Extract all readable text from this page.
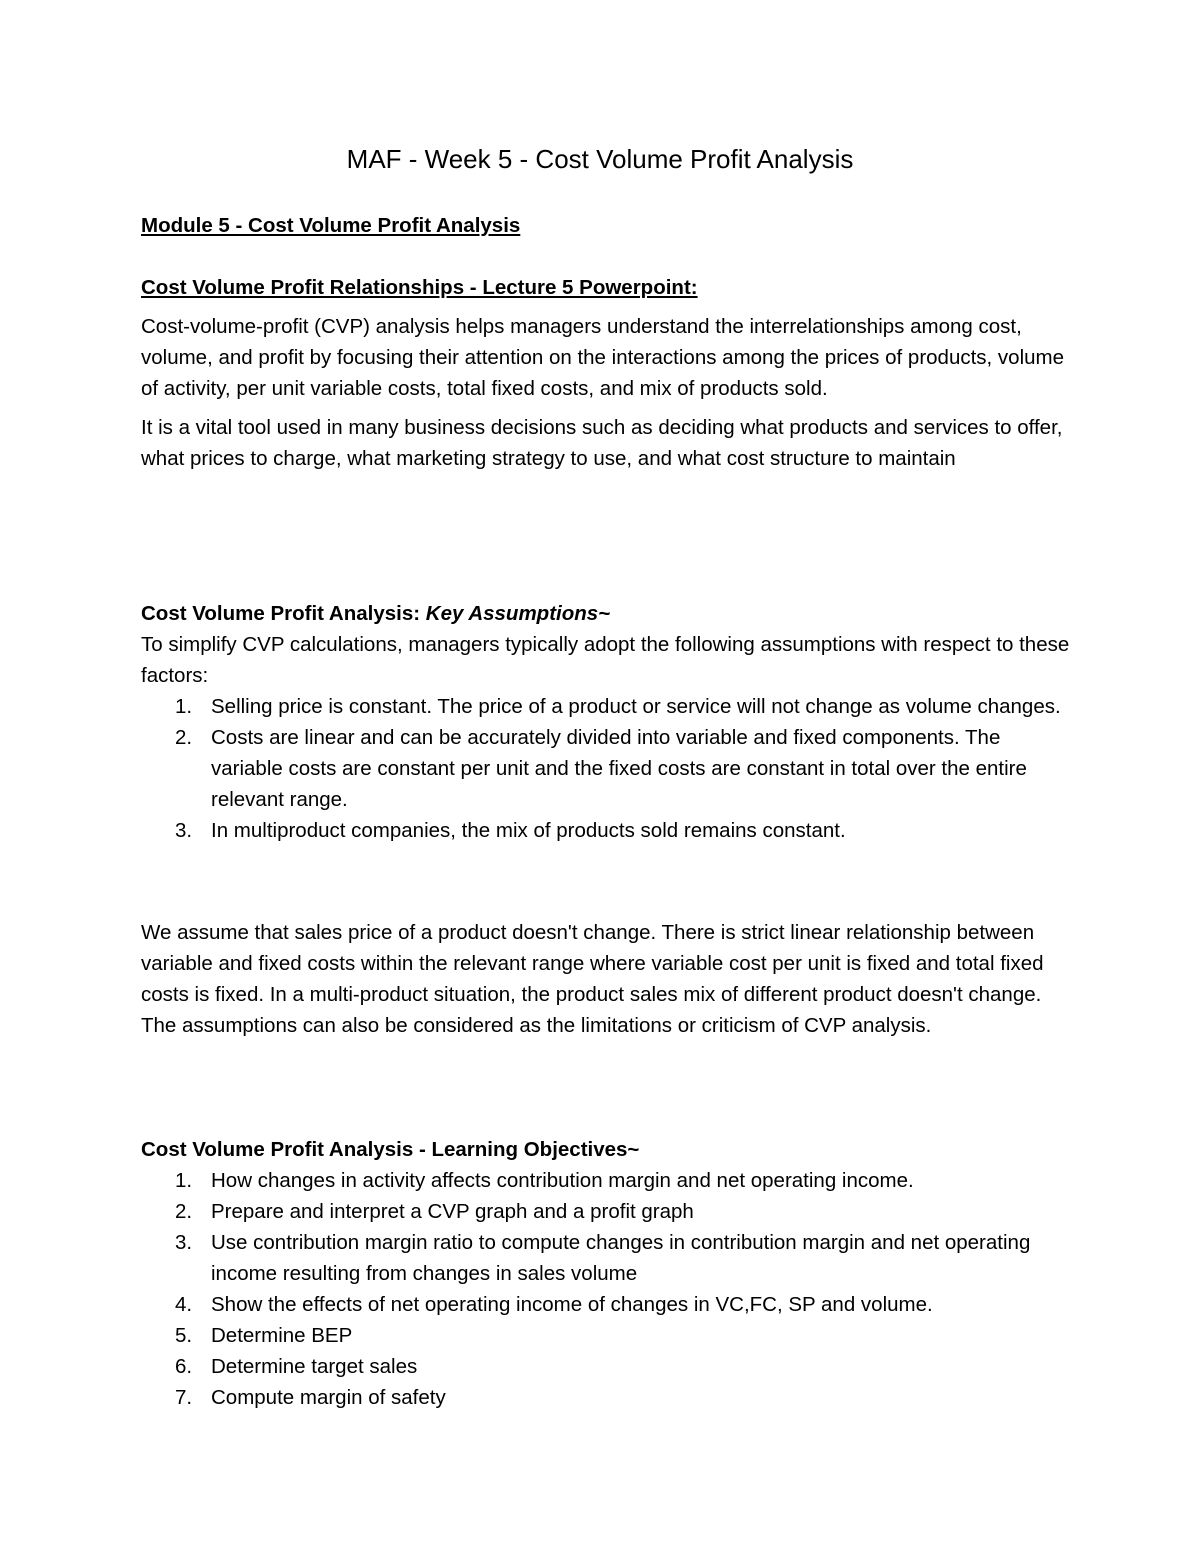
MAF - Week 5 - Cost Volume Profit Analysis

Module 5 - Cost Volume Profit Analysis

Cost Volume Profit Relationships - Lecture 5 Powerpoint:

Cost-volume-profit (CVP) analysis helps managers understand the interrelationships among cost, volume, and profit by focusing their attention on the interactions among the prices of products, volume of activity, per unit variable costs, total fixed costs, and mix of products sold.

It is a vital tool used in many business decisions such as deciding what products and services to offer, what prices to charge, what marketing strategy to use, and what cost structure to maintain

Cost Volume Profit Analysis: Key Assumptions~

To simplify CVP calculations, managers typically adopt the following assumptions with respect to these factors:

1. Selling price is constant. The price of a product or service will not change as volume changes.
2. Costs are linear and can be accurately divided into variable and fixed components. The variable costs are constant per unit and the fixed costs are constant in total over the entire relevant range.
3. In multiproduct companies, the mix of products sold remains constant.

We assume that sales price of a product doesn't change. There is strict linear relationship between variable and fixed costs within the relevant range where variable cost per unit is fixed and total fixed costs is fixed. In a multi-product situation, the product sales mix of different product doesn't change. The assumptions can also be considered as the limitations or criticism of CVP analysis.

Cost Volume Profit Analysis - Learning Objectives~

1. How changes in activity affects contribution margin and net operating income.
2. Prepare and interpret a CVP graph and a profit graph
3. Use contribution margin ratio to compute changes in contribution margin and net operating income resulting from changes in sales volume
4. Show the effects of net operating income of changes in VC,FC, SP and volume.
5. Determine BEP
6. Determine target sales
7. Compute margin of safety
